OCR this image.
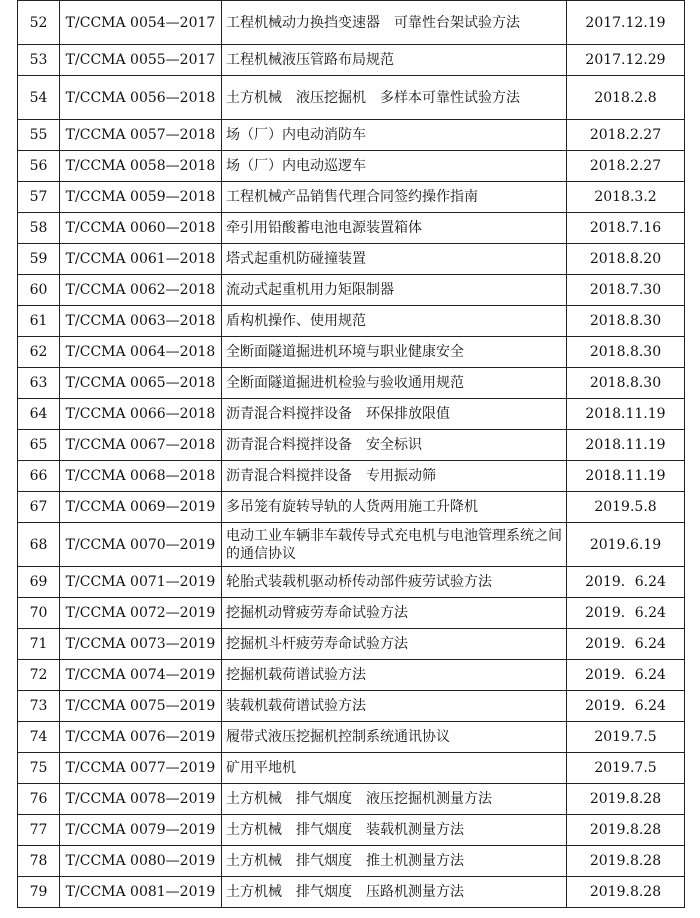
52	T/CCMA 0054—2017	工程机械动力换挡变速器　可靠性台架试验方法	2017.12.19
53	T/CCMA 0055—2017	工程机械液压管路布局规范	2017.12.29
54	T/CCMA 0056—2018	土方机械　液压挖掘机　多样本可靠性试验方法	2018.2.8
55	T/CCMA 0057—2018	场（厂）内电动消防车	2018.2.27
56	T/CCMA 0058—2018	场（厂）内电动巡逻车	2018.2.27
57	T/CCMA 0059—2018	工程机械产品销售代理合同签约操作指南	2018.3.2
58	T/CCMA 0060—2018	牵引用铅酸蓄电池电源装置箱体	2018.7.16
59	T/CCMA 0061—2018	塔式起重机防碰撞装置	2018.8.20
60	T/CCMA 0062—2018	流动式起重机用力矩限制器	2018.7.30
61	T/CCMA 0063—2018	盾构机操作、使用规范	2018.8.30
62	T/CCMA 0064—2018	全断面隧道掘进机环境与职业健康安全	2018.8.30
63	T/CCMA 0065—2018	全断面隧道掘进机检验与验收通用规范	2018.8.30
64	T/CCMA 0066—2018	沥青混合料搅拌设备　环保排放限值	2018.11.19
65	T/CCMA 0067—2018	沥青混合料搅拌设备　安全标识	2018.11.19
66	T/CCMA 0068—2018	沥青混合料搅拌设备　专用振动筛	2018.11.19
67	T/CCMA 0069—2019	多吊笼有旋转导轨的人货两用施工升降机	2019.5.8
68	T/CCMA 0070—2019	电动工业车辆非车载传导式充电机与电池管理系统之间的通信协议	2019.6.19
69	T/CCMA 0071—2019	轮胎式装载机驱动桥传动部件疲劳试验方法	2019．6.24
70	T/CCMA 0072—2019	挖掘机动臂疲劳寿命试验方法	2019．6.24
71	T/CCMA 0073—2019	挖掘机斗杆疲劳寿命试验方法	2019．6.24
72	T/CCMA 0074—2019	挖掘机载荷谱试验方法	2019．6.24
73	T/CCMA 0075—2019	装载机载荷谱试验方法	2019．6.24
74	T/CCMA 0076—2019	履带式液压挖掘机控制系统通讯协议	2019.7.5
75	T/CCMA 0077—2019	矿用平地机	2019.7.5
76	T/CCMA 0078—2019	土方机械　排气烟度　液压挖掘机测量方法	2019.8.28
77	T/CCMA 0079—2019	土方机械　排气烟度　装载机测量方法	2019.8.28
78	T/CCMA 0080—2019	土方机械　排气烟度　推土机测量方法	2019.8.28
79	T/CCMA 0081—2019	土方机械　排气烟度　压路机测量方法	2019.8.28
